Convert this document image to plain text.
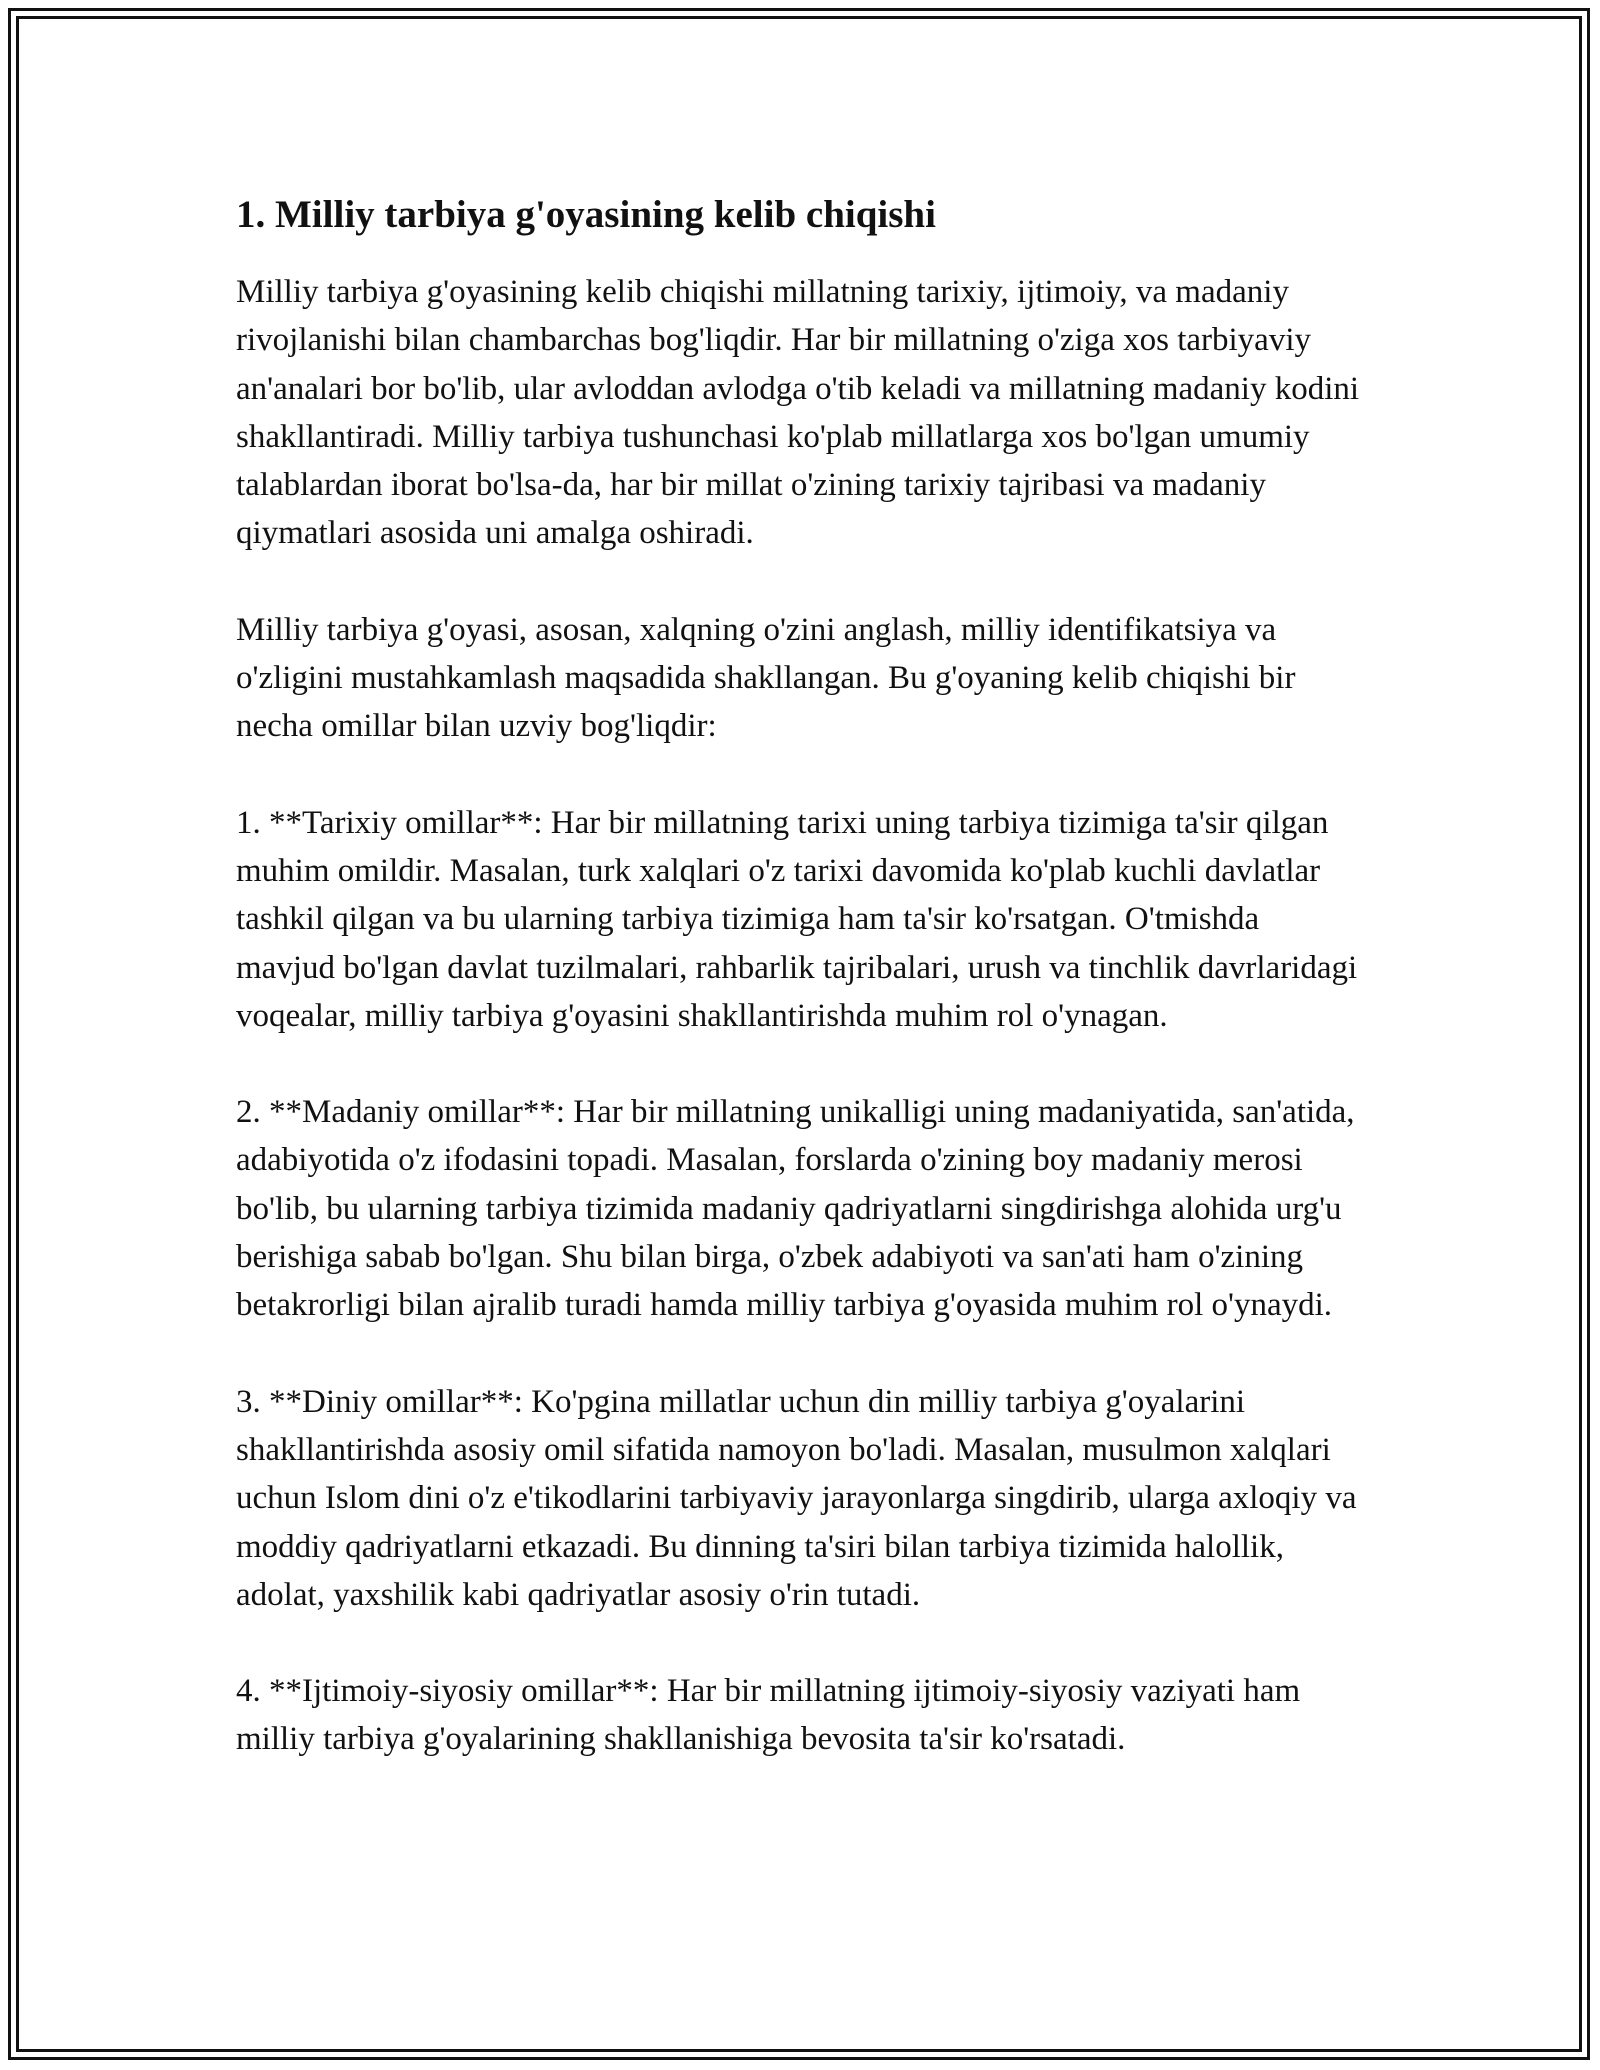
1. Milliy tarbiya g'oyasining kelib chiqishi

Milliy tarbiya g'oyasining kelib chiqishi millatning tarixiy, ijtimoiy, va madaniy rivojlanishi bilan chambarchas bog'liqdir. Har bir millatning o'ziga xos tarbiyaviy an'analari bor bo'lib, ular avloddan avlodga o'tib keladi va millatning madaniy kodini shakllantiradi. Milliy tarbiya tushunchasi ko'plab millatlarga xos bo'lgan umumiy talablardan iborat bo'lsa-da, har bir millat o'zining tarixiy tajribasi va madaniy qiymatlari asosida uni amalga oshiradi.

Milliy tarbiya g'oyasi, asosan, xalqning o'zini anglash, milliy identifikatsiya va o'zligini mustahkamlash maqsadida shakllangan. Bu g'oyaning kelib chiqishi bir necha omillar bilan uzviy bog'liqdir:

1. **Tarixiy omillar**: Har bir millatning tarixi uning tarbiya tizimiga ta'sir qilgan muhim omildir. Masalan, turk xalqlari o'z tarixi davomida ko'plab kuchli davlatlar tashkil qilgan va bu ularning tarbiya tizimiga ham ta'sir ko'rsatgan. O'tmishda mavjud bo'lgan davlat tuzilmalari, rahbarlik tajribalari, urush va tinchlik davrlaridagi voqealar, milliy tarbiya g'oyasini shakllantirishda muhim rol o'ynagan.

2. **Madaniy omillar**: Har bir millatning unikalligi uning madaniyatida, san'atida, adabiyotida o'z ifodasini topadi. Masalan, forslarda o'zining boy madaniy merosi bo'lib, bu ularning tarbiya tizimida madaniy qadriyatlarni singdirishga alohida urg'u berishiga sabab bo'lgan. Shu bilan birga, o'zbek adabiyoti va san'ati ham o'zining betakrorligi bilan ajralib turadi hamda milliy tarbiya g'oyasida muhim rol o'ynaydi.

3. **Diniy omillar**: Ko'pgina millatlar uchun din milliy tarbiya g'oyalarini shakllantirishda asosiy omil sifatida namoyon bo'ladi. Masalan, musulmon xalqlari uchun Islom dini o'z e'tikodlarini tarbiyaviy jarayonlarga singdirib, ularga axloqiy va moddiy qadriyatlarni etkazadi. Bu dinning ta'siri bilan tarbiya tizimida halollik, adolat, yaxshilik kabi qadriyatlar asosiy o'rin tutadi.

4. **Ijtimoiy-siyosiy omillar**: Har bir millatning ijtimoiy-siyosiy vaziyati ham milliy tarbiya g'oyalarining shakllanishiga bevosita ta'sir ko'rsatadi.
